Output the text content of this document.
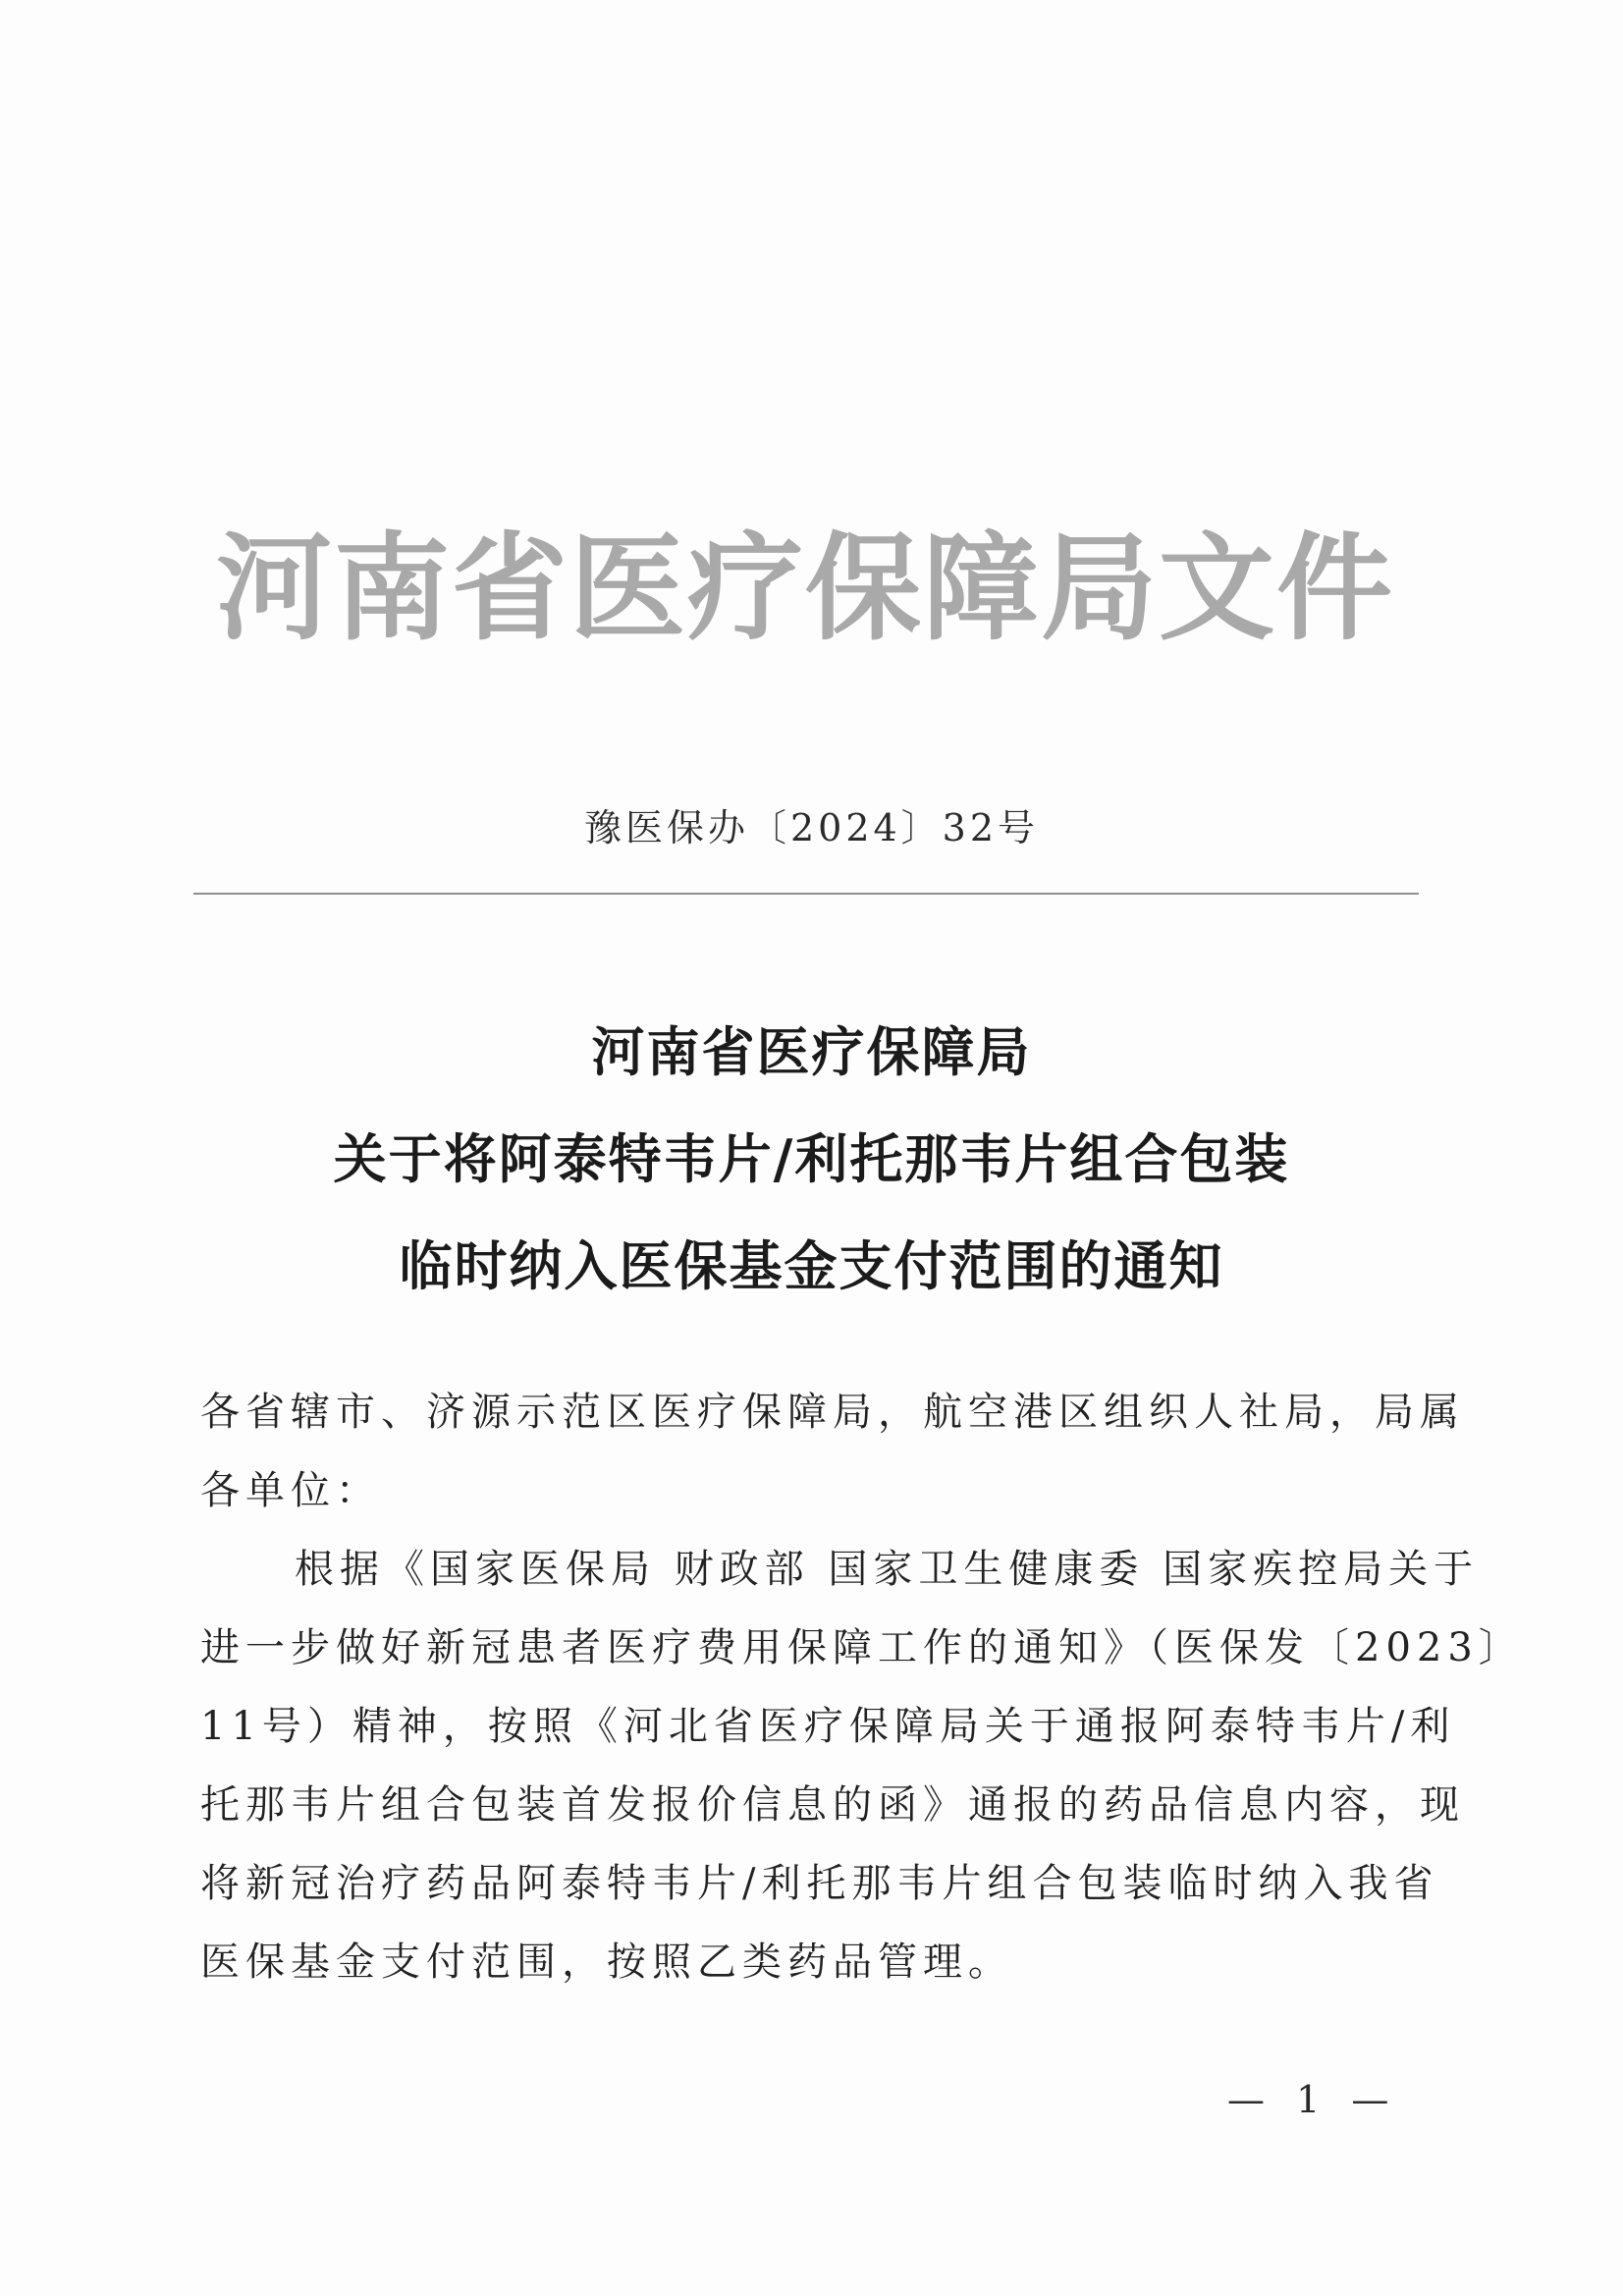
河南省医疗保障局文件
豫医保办〔2024〕32号
河南省医疗保障局
关于将阿泰特韦片/利托那韦片组合包装
临时纳入医保基金支付范围的通知
各省辖市、济源示范区医疗保障局，航空港区组织人社局，局属
各单位：
根据《国家医保局 财政部 国家卫生健康委 国家疾控局关于
进一步做好新冠患者医疗费用保障工作的通知》（医保发〔2023〕
11号）精神，按照《河北省医疗保障局关于通报阿泰特韦片/利
托那韦片组合包装首发报价信息的函》通报的药品信息内容，现
将新冠治疗药品阿泰特韦片/利托那韦片组合包装临时纳入我省
医保基金支付范围，按照乙类药品管理。
— 1 —
